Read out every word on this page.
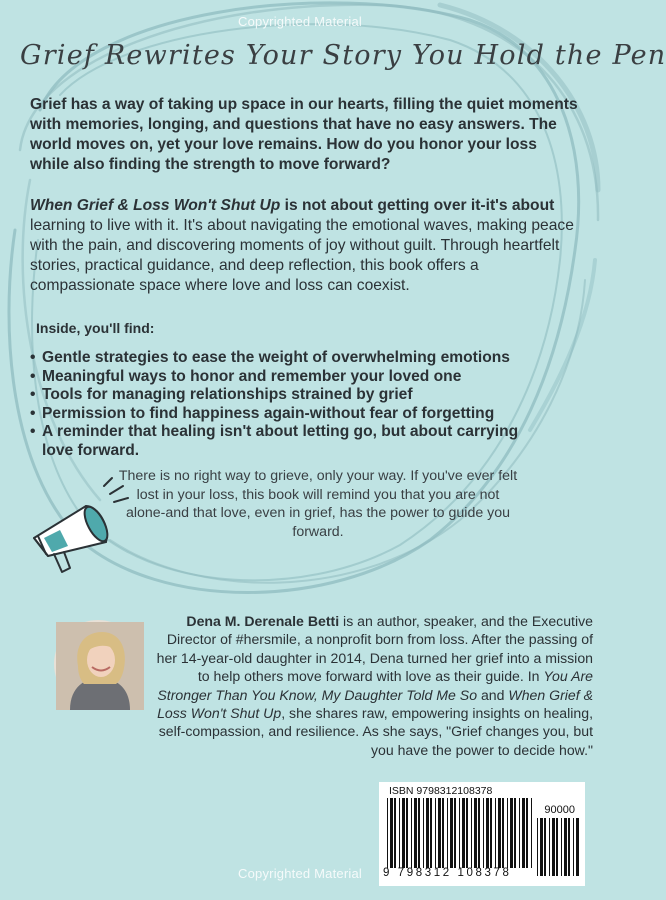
Copyrighted Material
Grief Rewrites Your Story You Hold the Pen

Grief has a way of taking up space in our hearts, filling the quiet moments with memories, longing, and questions that have no easy answers. The world moves on, yet your love remains. How do you honor your loss while also finding the strength to move forward?

When Grief & Loss Won't Shut Up is not about getting over it-it's about learning to live with it. It's about navigating the emotional waves, making peace with the pain, and discovering moments of joy without guilt. Through heartfelt stories, practical guidance, and deep reflection, this book offers a compassionate space where love and loss can coexist.

Inside, you'll find:
• Gentle strategies to ease the weight of overwhelming emotions
• Meaningful ways to honor and remember your loved one
• Tools for managing relationships strained by grief
• Permission to find happiness again-without fear of forgetting
• A reminder that healing isn't about letting go, but about carrying love forward.

There is no right way to grieve, only your way. If you've ever felt lost in your loss, this book will remind you that you are not alone-and that love, even in grief, has the power to guide you forward.

Dena M. Derenale Betti is an author, speaker, and the Executive Director of #hersmile, a nonprofit born from loss. After the passing of her 14-year-old daughter in 2014, Dena turned her grief into a mission to help others move forward with love as their guide. In You Are Stronger Than You Know, My Daughter Told Me So and When Grief & Loss Won't Shut Up, she shares raw, empowering insights on healing, self-compassion, and resilience. As she says, "Grief changes you, but you have the power to decide how."

ISBN 9798312108378
90000
9 798312 108378
Copyrighted Material
